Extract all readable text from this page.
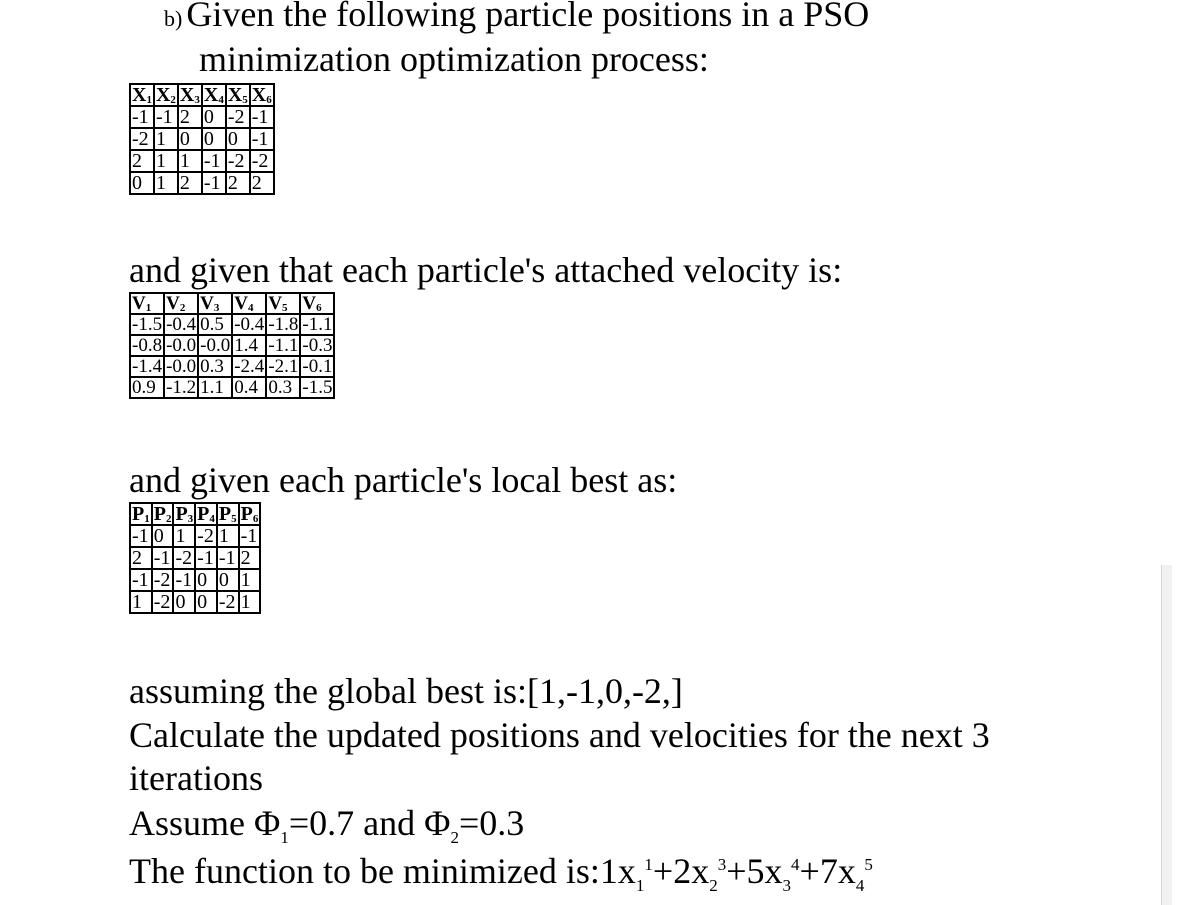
b) Given the following particle positions in a PSO
minimization optimization process:
$X_1$	$X_2$	$X_3$	$X_4$	$X_5$	$X_6$
-1	-1	2	0	-2	-1
-2	1	0	0	0	-1
2	1	1	-1	-2	-2
0	1	2	-1	2	2
and given that each particle's attached velocity is:
$V_1$	$V_2$	$V_3$	$V_4$	$V_5$	$V_6$
-1.5	-0.4	0.5	-0.4	-1.8	-1.1
-0.8	-0.0	-0.0	1.4	-1.1	-0.3
-1.4	-0.0	0.3	-2.4	-2.1	-0.1
0.9	-1.2	1.1	0.4	0.3	-1.5
and given each particle's local best as:
$P_1$	$P_2$	$P_3$	$P_4$	$P_5$	$P_6$
-1	0	1	-2	1	-1
2	-1	-2	-1	-1	2
-1	-2	-1	0	0	1
1	-2	0	0	-2	1
assuming the global best is:[1,-1,0,-2,]
Calculate the updated positions and velocities for the next 3
iterations
Assume $\Phi_1=0.7$ and $\Phi_2=0.3$
The function to be minimized $is:1x_1^1+2x_2^3+5x_3^4+7x_4^5$
